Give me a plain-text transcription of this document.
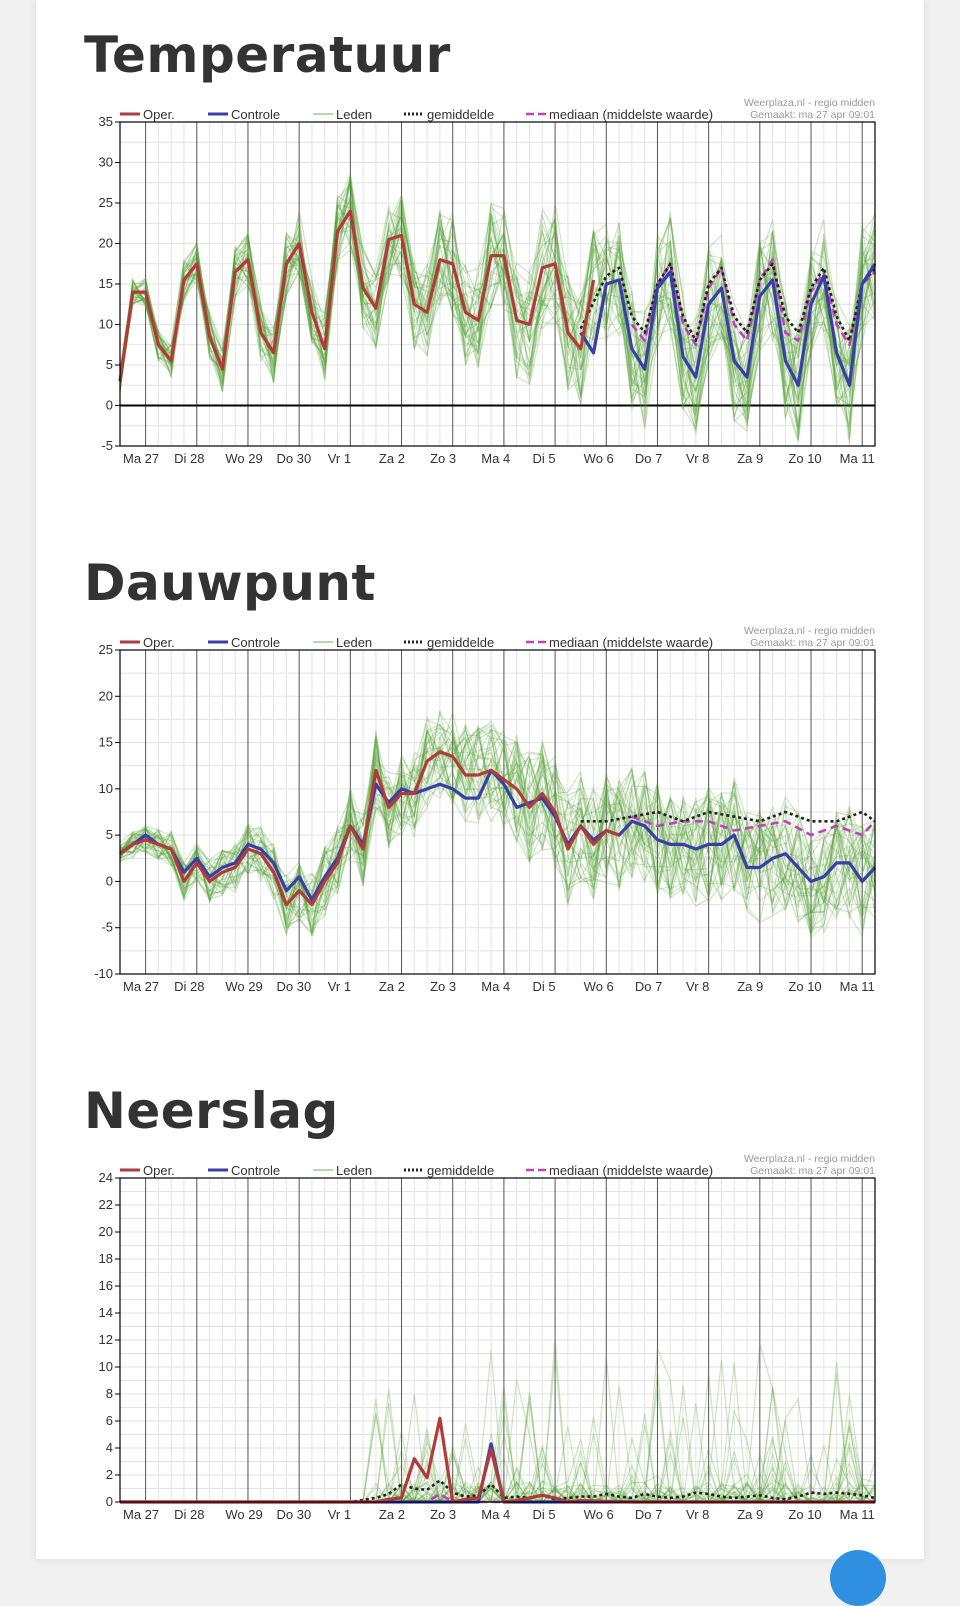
Temperatuur
-5
0
5
10
15
20
25
30
35
Ma 27 Di 28 Wo 29 Do 30 Vr 1 Za 2 Zo 3 Ma 4 Di 5 Wo 6 Do 7 Vr 8 Za 9 Zo 10 Ma 11
Oper.	Controle	Leden	gemiddelde	mediaan (middelste waarde)
Weerplaza.nl - regio midden
Gemaakt: ma 27 apr 09:01
Dauwpunt
-10
-5
0
5
10
15
20
25
Ma 27 Di 28 Wo 29 Do 30 Vr 1 Za 2 Zo 3 Ma 4 Di 5 Wo 6 Do 7 Vr 8 Za 9 Zo 10 Ma 11
Oper.	Controle	Leden	gemiddelde	mediaan (middelste waarde)
Weerplaza.nl - regio midden
Gemaakt: ma 27 apr 09:01
Neerslag
0
2
4
6
8
10
12
14
16
18
20
22
24
Ma 27 Di 28 Wo 29 Do 30 Vr 1 Za 2 Zo 3 Ma 4 Di 5 Wo 6 Do 7 Vr 8 Za 9 Zo 10 Ma 11
Oper.	Controle	Leden	gemiddelde	mediaan (middelste waarde)
Weerplaza.nl - regio midden
Gemaakt: ma 27 apr 09:01
